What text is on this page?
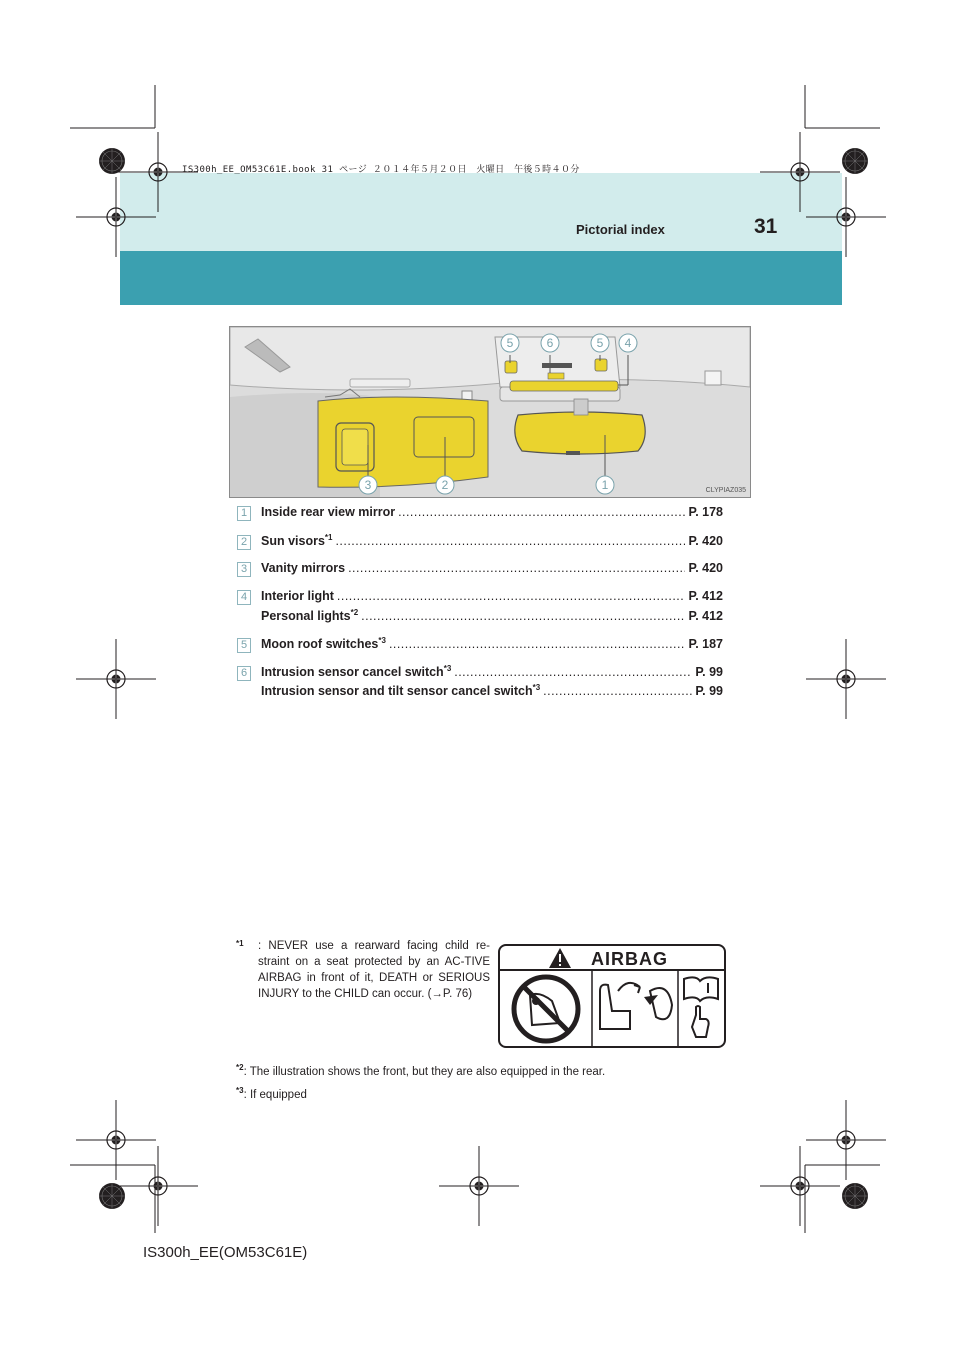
IS300h_EE_OM53C61E.book 31 ページ ２０１４年５月２０日　火曜日　午後５時４０分
Pictorial index	31
5	6	5 4
3	2	1	CLYPIAZ035
1	Inside rear view mirror . . .	P. 178
2	Sun visors$^{*1}$ . . .	P. 420
3	Vanity mirrors . . .	P. 420
4	Interior light . . .	P. 412
Personal lights$^{*2}$ . . .	P. 412
5	Moon roof switches$^{*3}$ . . .	P. 187
6	Intrusion sensor cancel switch$^{*3}$ . . .	P. 99
Intrusion sensor and tilt sensor cancel switch$^{*3}$ . . .	P. 99
$^{*1}$ : NEVER use a rearward facing child re-straint on a seat protected by an AC-TIVE AIRBAG in front of it, DEATH or SERIOUS INJURY to the CHILD can occur. (→P. 76)
AIRBAG
$^{*2}$: The illustration shows the front, but they are also equipped in the rear.
$^{*3}$: If equipped
IS300h_EE(OM53C61E)
